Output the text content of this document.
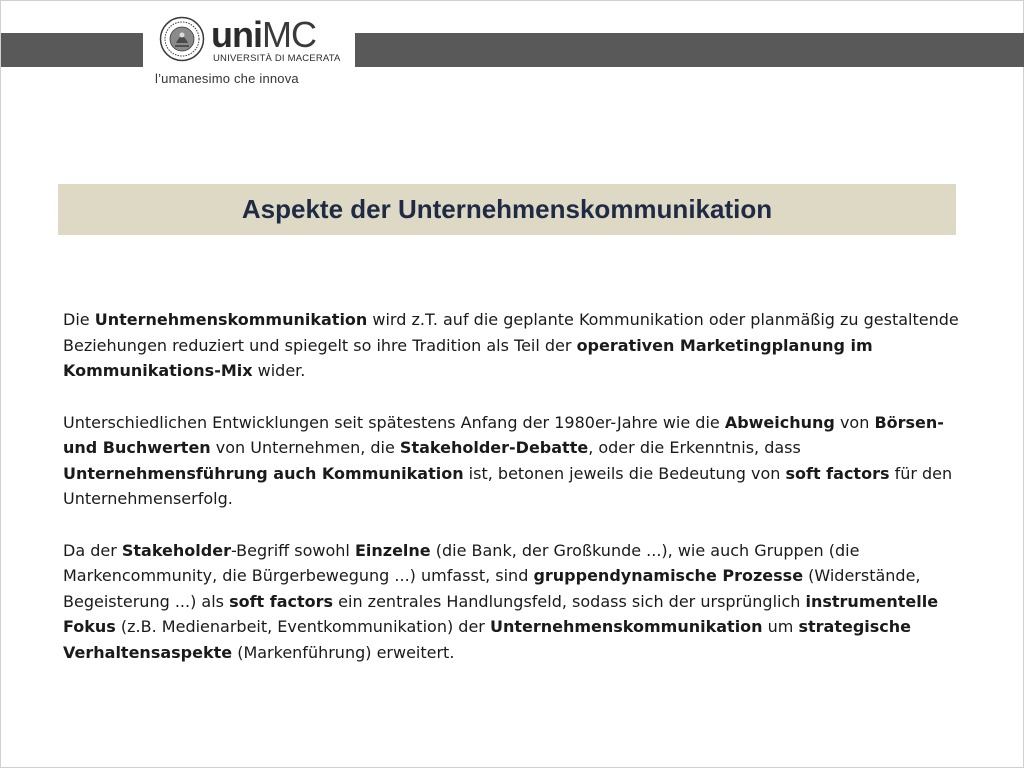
uniMC
UNIVERSITÀ DI MACERATA
l’umanesimo che innova
Aspekte der Unternehmenskommunikation

Die Unternehmenskommunikation wird z.T. auf die geplante Kommunikation oder planmäßig zu gestaltende Beziehungen reduziert und spiegelt so ihre Tradition als Teil der operativen Marketingplanung im Kommunikations-Mix wider.

Unterschiedlichen Entwicklungen seit spätestens Anfang der 1980er-Jahre wie die Abweichung von Börsen- und Buchwerten von Unternehmen, die Stakeholder-Debatte, oder die Erkenntnis, dass Unternehmensführung auch Kommunikation ist, betonen jeweils die Bedeutung von soft factors für den Unternehmenserfolg.

Da der Stakeholder-Begriff sowohl Einzelne (die Bank, der Großkunde ...), wie auch Gruppen (die Markencommunity, die Bürgerbewegung ...) umfasst, sind gruppendynamische Prozesse (Widerstände, Begeisterung ...) als soft factors ein zentrales Handlungsfeld, sodass sich der ursprünglich instrumentelle Fokus (z.B. Medienarbeit, Eventkommunikation) der Unternehmenskommunikation um strategische Verhaltensaspekte (Markenführung) erweitert.
